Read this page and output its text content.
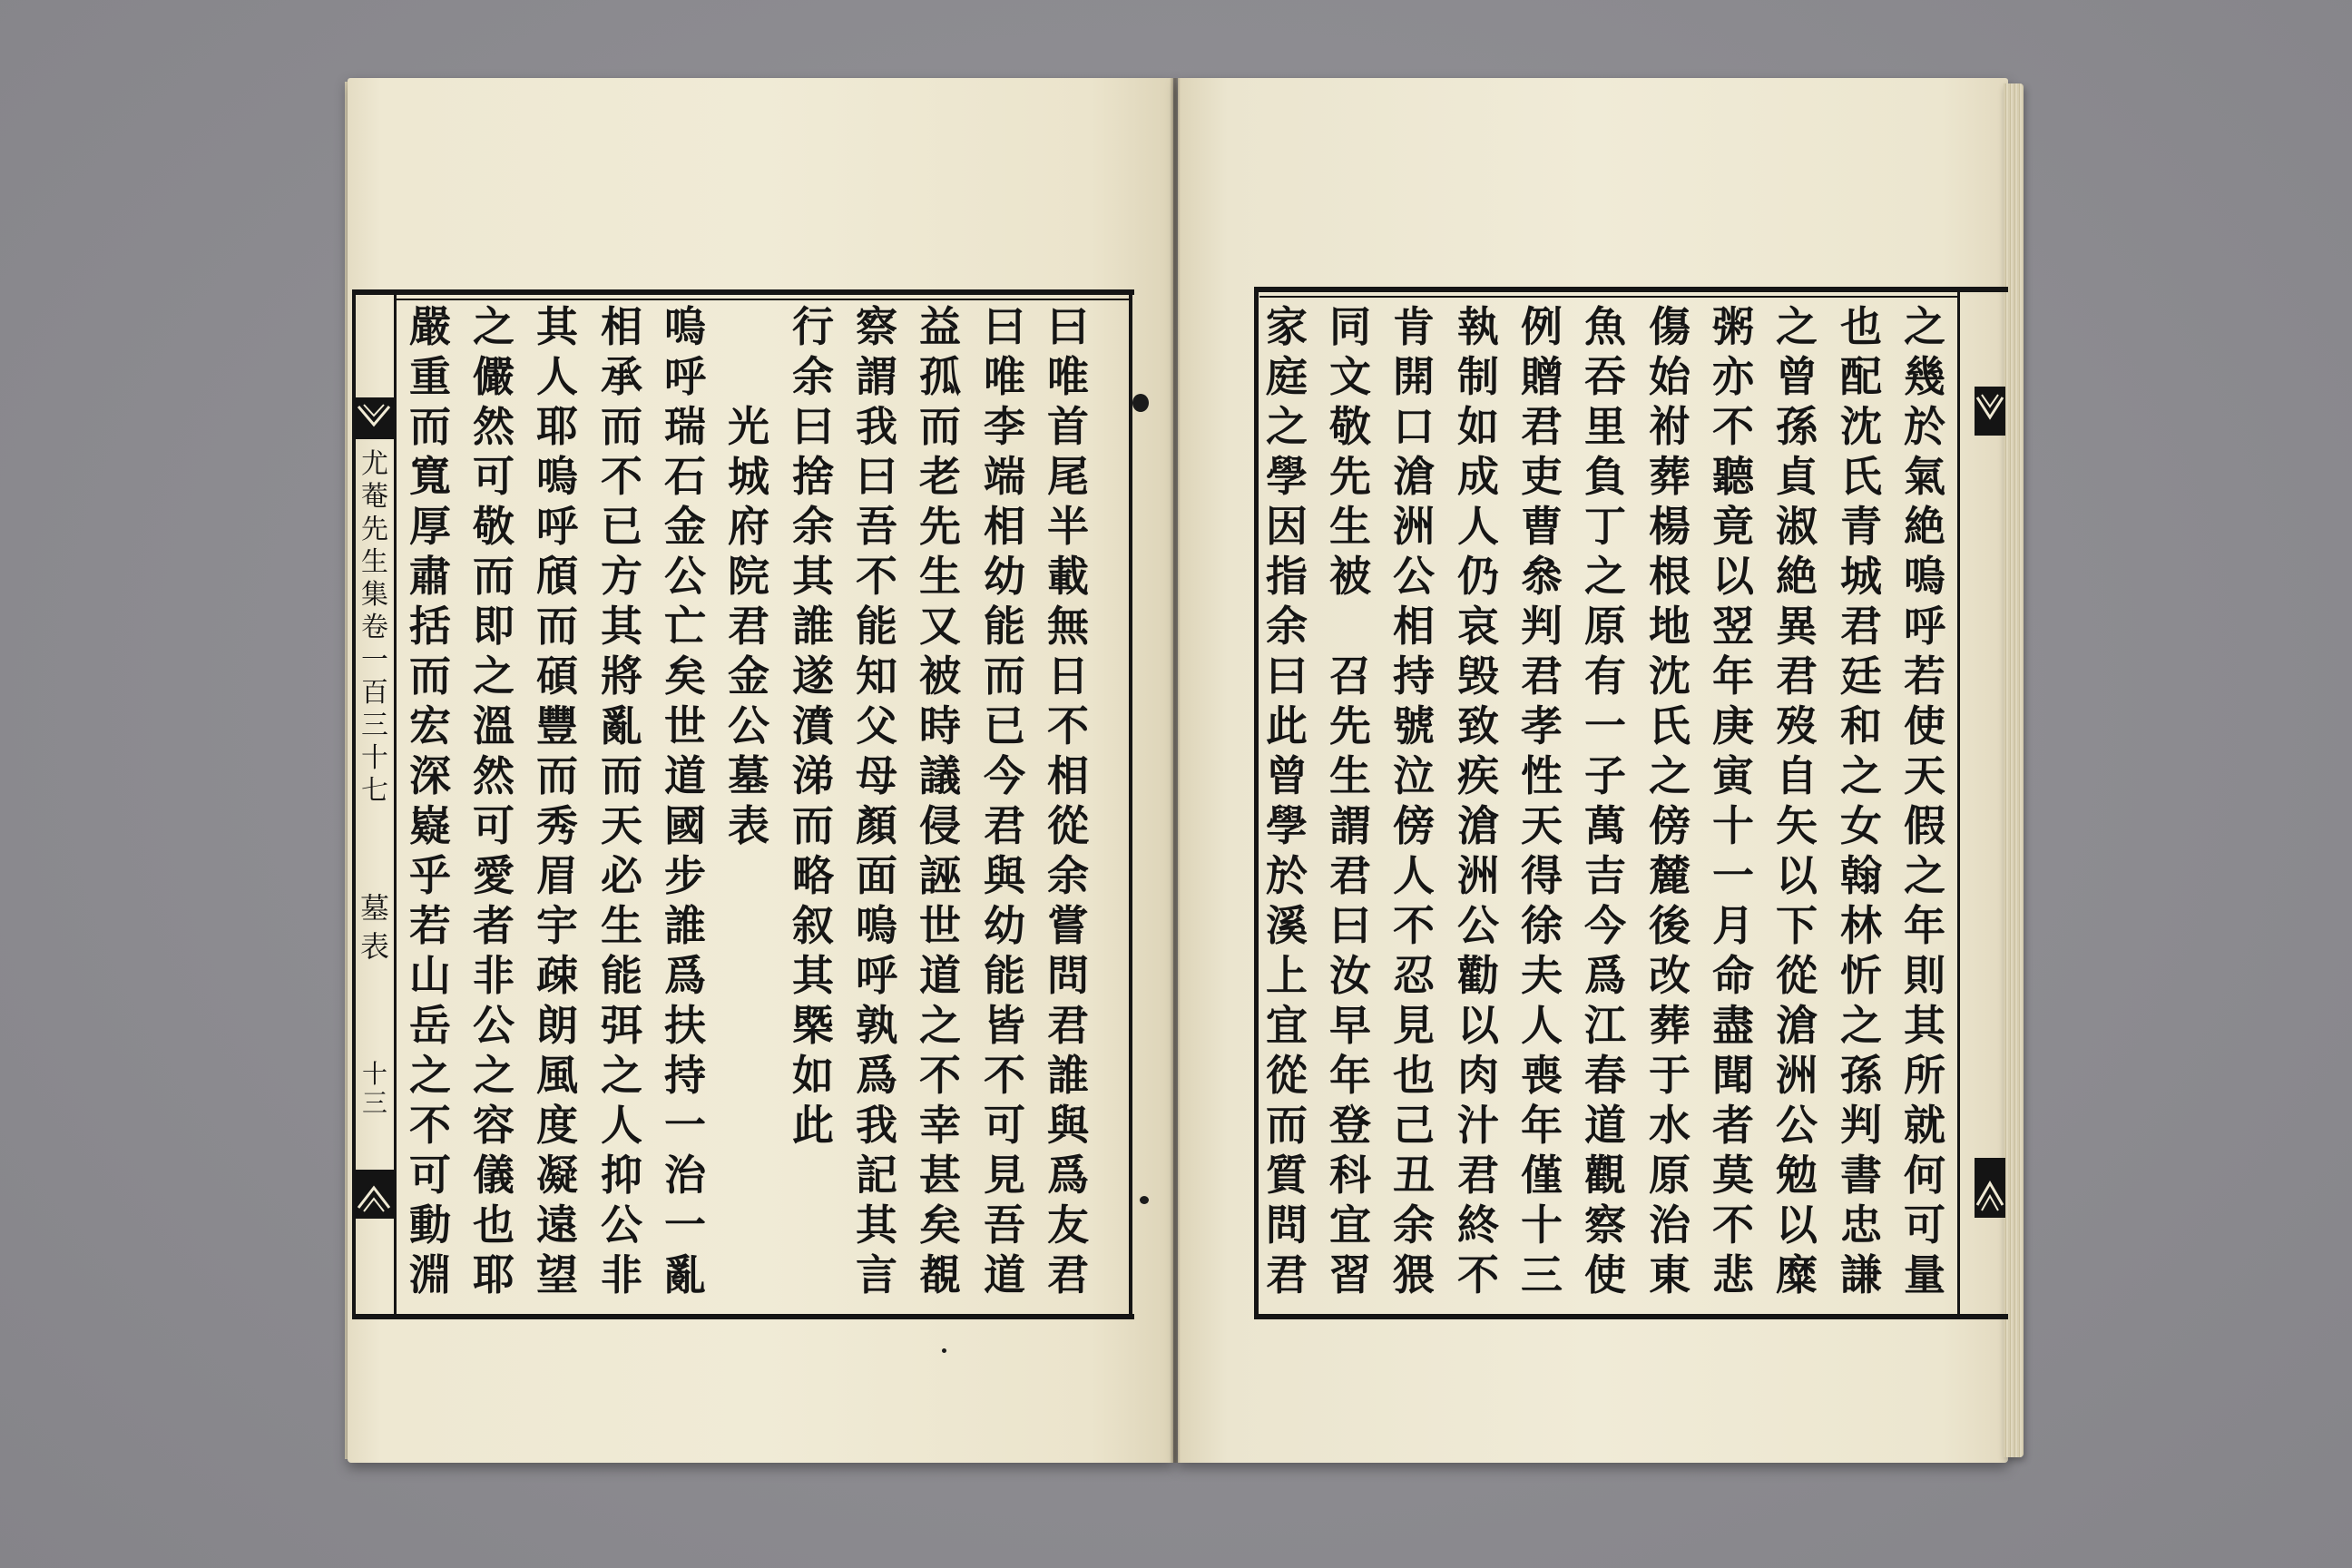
尤
菴
先
生
集
卷
一
百
三
十
七
墓
表
十
三
曰
唯
首
尾
半
載
無
日
不
相
從
余
嘗
問
君
誰
與
爲
友
君
曰
唯
李
端
相
幼
能
而
已
今
君
與
幼
能
皆
不
可
見
吾
道
益
孤
而
老
先
生
又
被
時
議
侵
誣
世
道
之
不
幸
甚
矣
覩
察
謂
我
曰
吾
不
能
知
父
母
顏
面
嗚
呼
孰
爲
我
記
其
言
行
余
曰
捨
余
其
誰
遂
濆
涕
而
略
叙
其
槩
如
此
光
城
府
院
君
金
公
墓
表
嗚
呼
瑞
石
金
公
亡
矣
世
道
國
步
誰
爲
扶
持
一
治
一
亂
相
承
而
不
已
方
其
將
亂
而
天
必
生
能
弭
之
人
抑
公
非
其
人
耶
嗚
呼
頎
而
碩
豐
而
秀
眉
宇
疎
朗
風
度
凝
遠
望
之
儼
然
可
敬
而
即
之
溫
然
可
愛
者
非
公
之
容
儀
也
耶
嚴
重
而
寬
厚
肅
括
而
宏
深
嶷
乎
若
山
岳
之
不
可
動
淵
之
幾
於
氣
絶
嗚
呼
若
使
天
假
之
年
則
其
所
就
何
可
量
也
配
沈
氏
青
城
君
廷
和
之
女
翰
林
忻
之
孫
判
書
忠
謙
之
曾
孫
貞
淑
絶
異
君
歿
自
矢
以
下
從
滄
洲
公
勉
以
糜
粥
亦
不
聽
竟
以
翌
年
庚
寅
十
一
月
命
盡
聞
者
莫
不
悲
傷
始
祔
葬
楊
根
地
沈
氏
之
傍
麓
後
改
葬
于
水
原
治
東
魚
吞
里
負
丁
之
原
有
一
子
萬
吉
今
爲
江
春
道
觀
察
使
例
贈
君
吏
曹
叅
判
君
孝
性
天
得
徐
夫
人
喪
年
僅
十
三
執
制
如
成
人
仍
哀
毁
致
疾
滄
洲
公
勸
以
肉
汁
君
終
不
肯
開
口
滄
洲
公
相
持
號
泣
傍
人
不
忍
見
也
己
丑
余
猥
同
文
敬
先
生
被

召
先
生
謂
君
曰
汝
早
年
登
科
宜
習
家
庭
之
學
因
指
余
曰
此
曾
學
於
溪
上
宜
從
而
質
問
君
